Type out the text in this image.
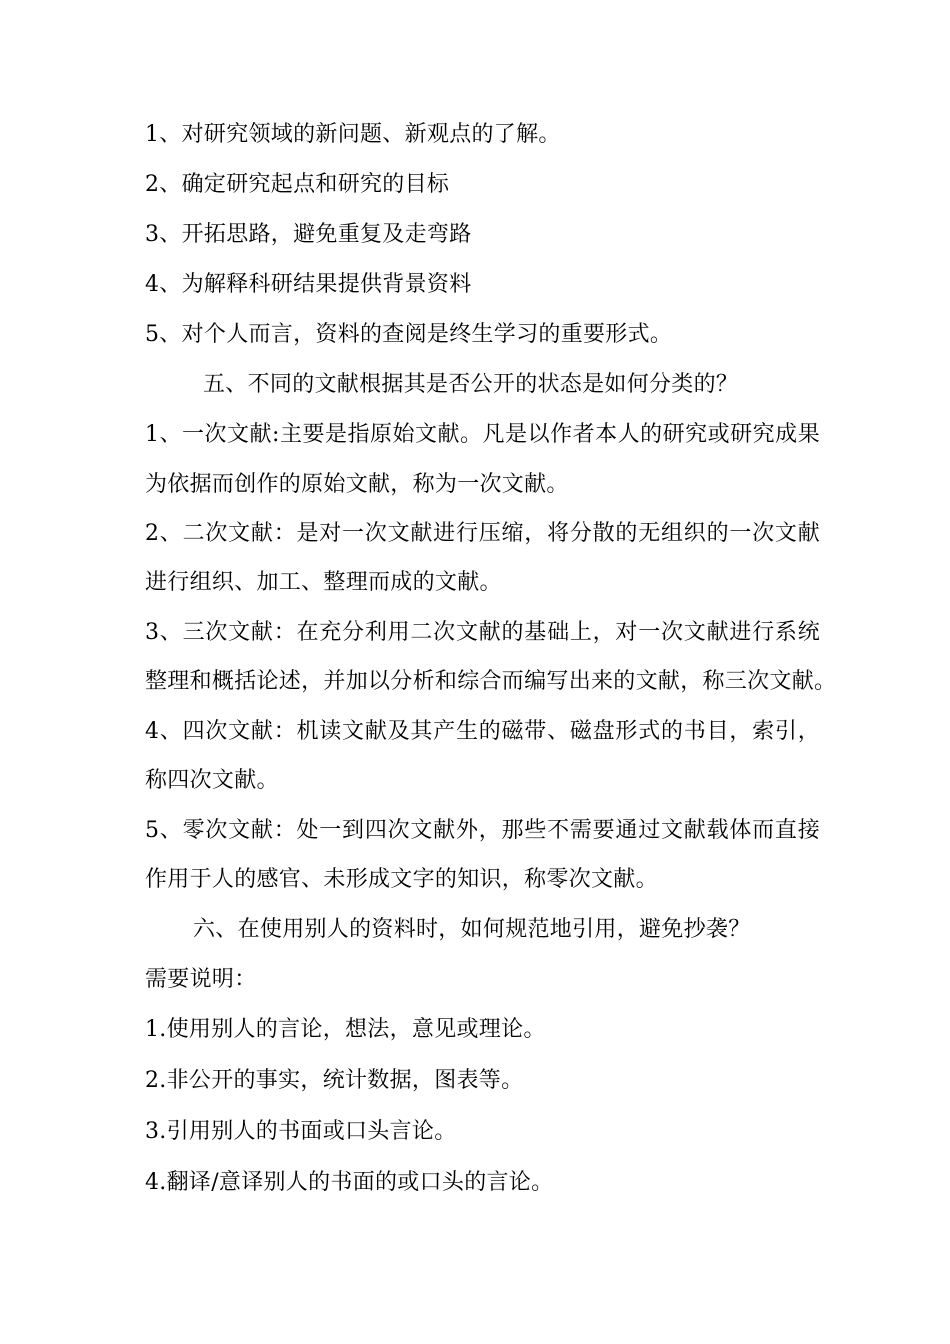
1、对研究领域的新问题、新观点的了解。
2、确定研究起点和研究的目标
3、开拓思路，避免重复及走弯路
4、为解释科研结果提供背景资料
5、对个人而言，资料的查阅是终生学习的重要形式。
五、不同的文献根据其是否公开的状态是如何分类的？
1、一次文献:主要是指原始文献。凡是以作者本人的研究或研究成果
为依据而创作的原始文献，称为一次文献。
2、二次文献：是对一次文献进行压缩，将分散的无组织的一次文献
进行组织、加工、整理而成的文献。
3、三次文献：在充分利用二次文献的基础上，对一次文献进行系统
整理和概括论述，并加以分析和综合而编写出来的文献，称三次文献。
4、四次文献：机读文献及其产生的磁带、磁盘形式的书目，索引，
称四次文献。
5、零次文献：处一到四次文献外，那些不需要通过文献载体而直接
作用于人的感官、未形成文字的知识，称零次文献。
六、在使用别人的资料时，如何规范地引用，避免抄袭？
需要说明：
1.使用别人的言论，想法，意见或理论。
2.非公开的事实，统计数据，图表等。
3.引用别人的书面或口头言论。
4.翻译/意译别人的书面的或口头的言论。
